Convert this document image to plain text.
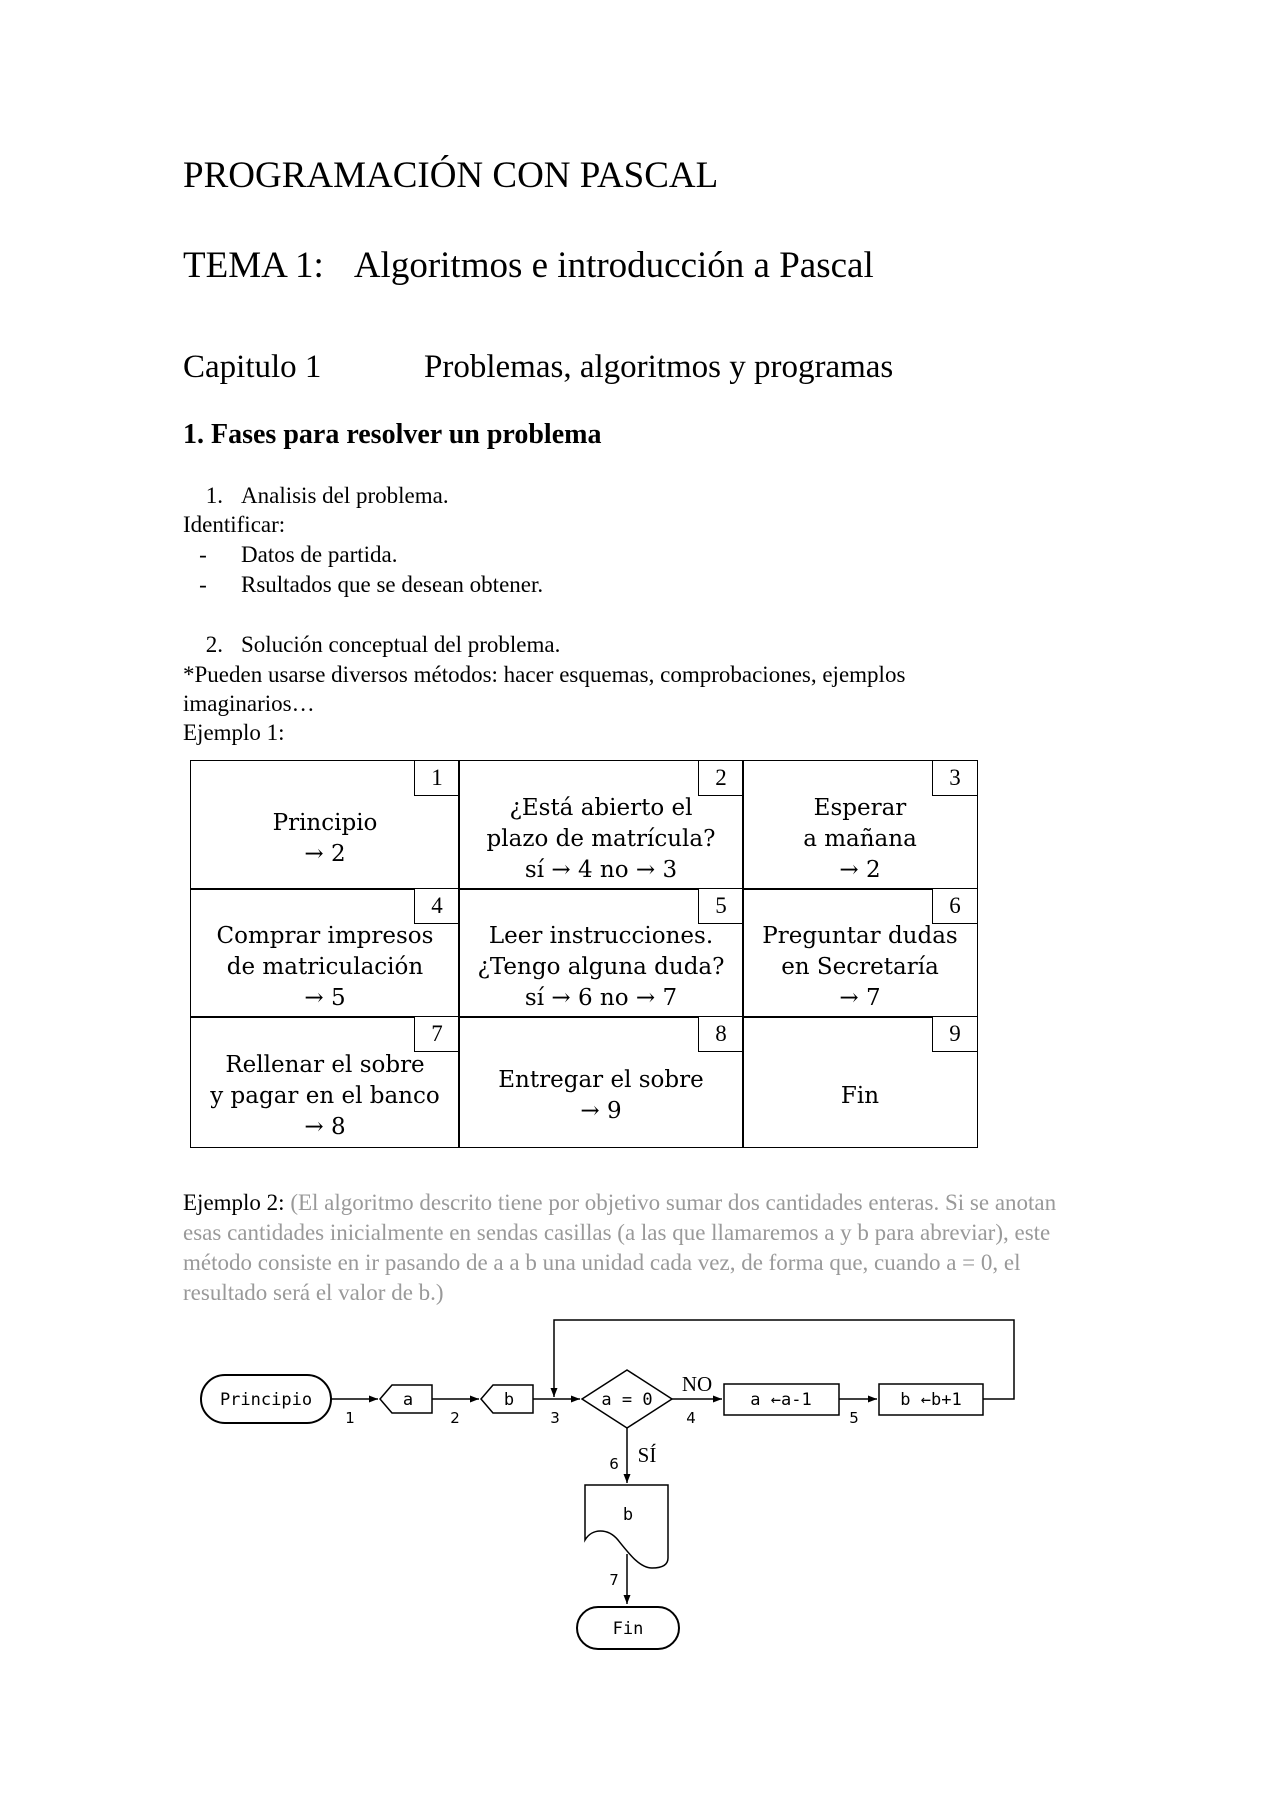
PROGRAMACIÓN CON PASCAL
TEMA 1: Algoritmos e introducción a Pascal
Capitulo 1	Problemas, algoritmos y programas
1. Fases para resolver un problema
1. Analisis del problema.
Identificar:
- Datos de partida.
- Rsultados que se desean obtener.
2. Solución conceptual del problema.
*Pueden usarse diversos métodos: hacer esquemas, comprobaciones, ejemplos
imaginarios…
Ejemplo 1:
1
Principio
→ 2
2
¿Está abierto el
plazo de matrícula?
sí → 4 no → 3
3
Esperar
a mañana
→ 2
4
Comprar impresos
de matriculación
→ 5
5
Leer instrucciones.
¿Tengo alguna duda?
sí → 6 no → 7
6
Preguntar dudas
en Secretaría
→ 7
7
Rellenar el sobre
y pagar en el banco
→ 8
8
Entregar el sobre
→ 9
9
Fin
Ejemplo 2: (El algoritmo descrito tiene por objetivo sumar dos cantidades enteras. Si se anotan esas cantidades inicialmente en sendas casillas (a las que llamaremos a y b para abreviar), este método consiste en ir pasando de a a b una unidad cada vez, de forma que, cuando a = 0, el resultado será el valor de b.)
Principio
1
a
2
b
3
a = 0
NO
4
a ←a-1
5
b ←b+1
SÍ
6
b
7
Fin
